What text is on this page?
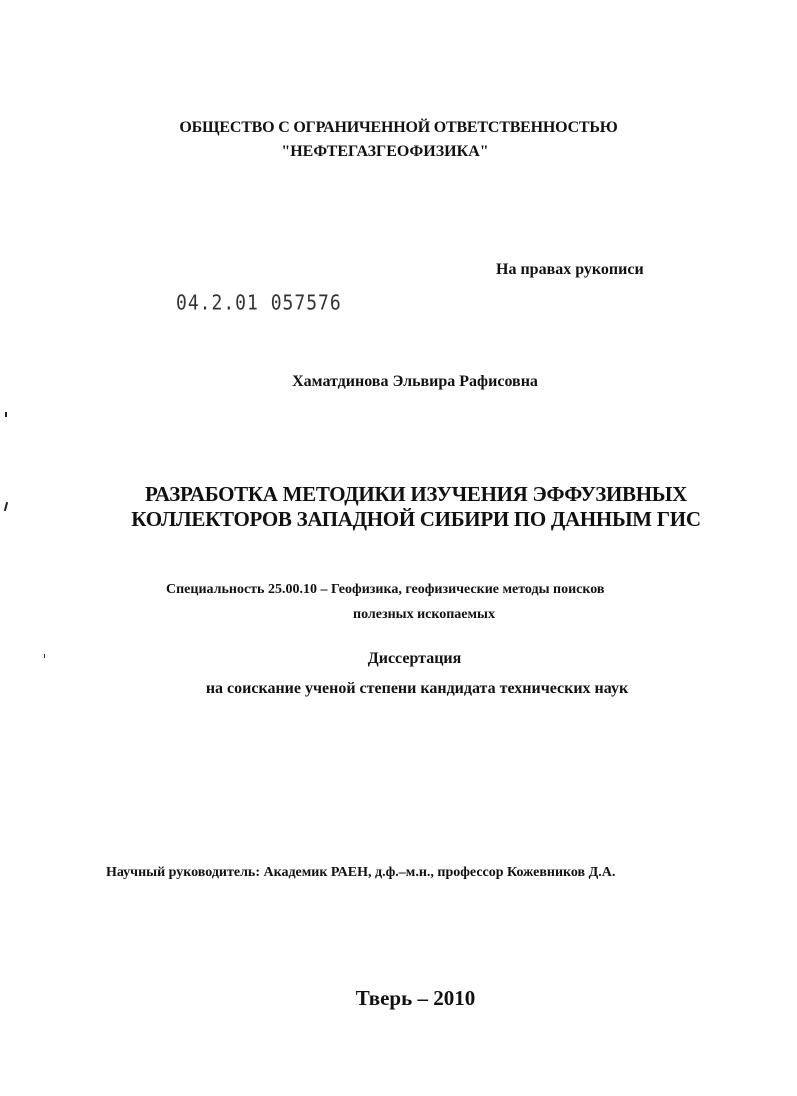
ОБЩЕСТВО С ОГРАНИЧЕННОЙ ОТВЕТСТВЕННОСТЬЮ
"НЕФТЕГАЗГЕОФИЗИКА"
На правах рукописи
04.2.01 057576
Хаматдинова Эльвира Рафисовна
РАЗРАБОТКА МЕТОДИКИ ИЗУЧЕНИЯ ЭФФУЗИВНЫХ
КОЛЛЕКТОРОВ ЗАПАДНОЙ СИБИРИ ПО ДАННЫМ ГИС
Специальность 25.00.10 – Геофизика, геофизические методы поисков
полезных ископаемых
Диссертация
на соискание ученой степени кандидата технических наук
Научный руководитель: Академик РАЕН, д.ф.–м.н., профессор Кожевников Д.А.
Тверь – 2010
